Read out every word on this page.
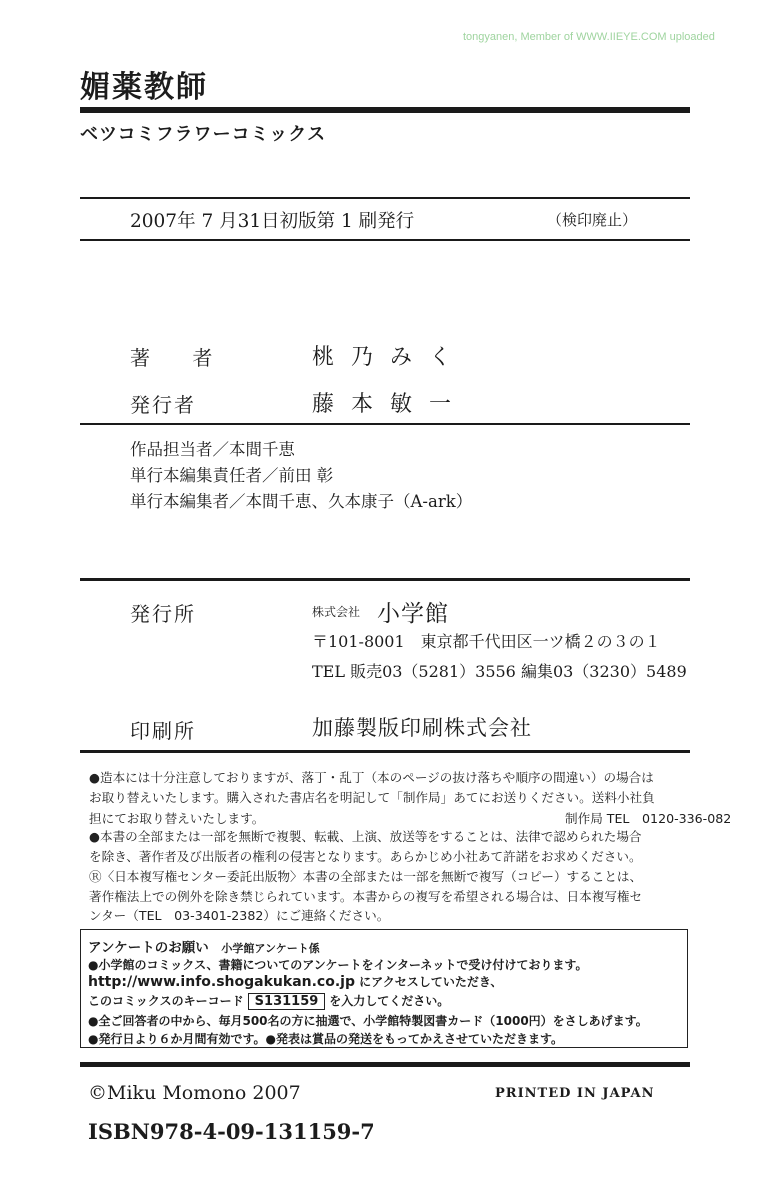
tongyanen, Member of WWW.IIEYE.COM uploaded
媚薬教師
ベツコミフラワーコミックス
2007年 7 月31日初版第 1 刷発行	（検印廃止）
著 者	桃乃みく
発行者	藤本敏一
作品担当者／本間千恵
単行本編集責任者／前田 彰
単行本編集者／本間千恵、久本康子（A-ark）
発行所	株式会社 小学館
〒101-8001　東京都千代田区一ツ橋２の３の１
TEL 販売03（5281）3556 編集03（3230）5489
印刷所	加藤製版印刷株式会社
●造本には十分注意しておりますが、落丁・乱丁（本のページの抜け落ちや順序の間違い）の場合は
お取り替えいたします。購入された書店名を明記して「制作局」あてにお送りください。送料小社負
担にてお取り替えいたします。	制作局 TEL　0120-336-082
●本書の全部または一部を無断で複製、転載、上演、放送等をすることは、法律で認められた場合
を除き、著作者及び出版者の権利の侵害となります。あらかじめ小社あて許諾をお求めください。
Ⓡ〈日本複写権センター委託出版物〉本書の全部または一部を無断で複写（コピー）することは、
著作権法上での例外を除き禁じられています。本書からの複写を希望される場合は、日本複写権セ
ンター（TEL　03-3401-2382）にご連絡ください。
アンケートのお願い 小学館アンケート係
●小学館のコミックス、書籍についてのアンケートをインターネットで受け付けております。
http://www.info.shogakukan.co.jp にアクセスしていただき、
このコミックスのキーコード S131159 を入力してください。
●全ご回答者の中から、毎月500名の方に抽選で、小学館特製図書カード（1000円）をさしあげます。
●発行日より６か月間有効です。●発表は賞品の発送をもってかえさせていただきます。
©Miku Momono 2007	PRINTED IN JAPAN
ISBN978-4-09-131159-7
